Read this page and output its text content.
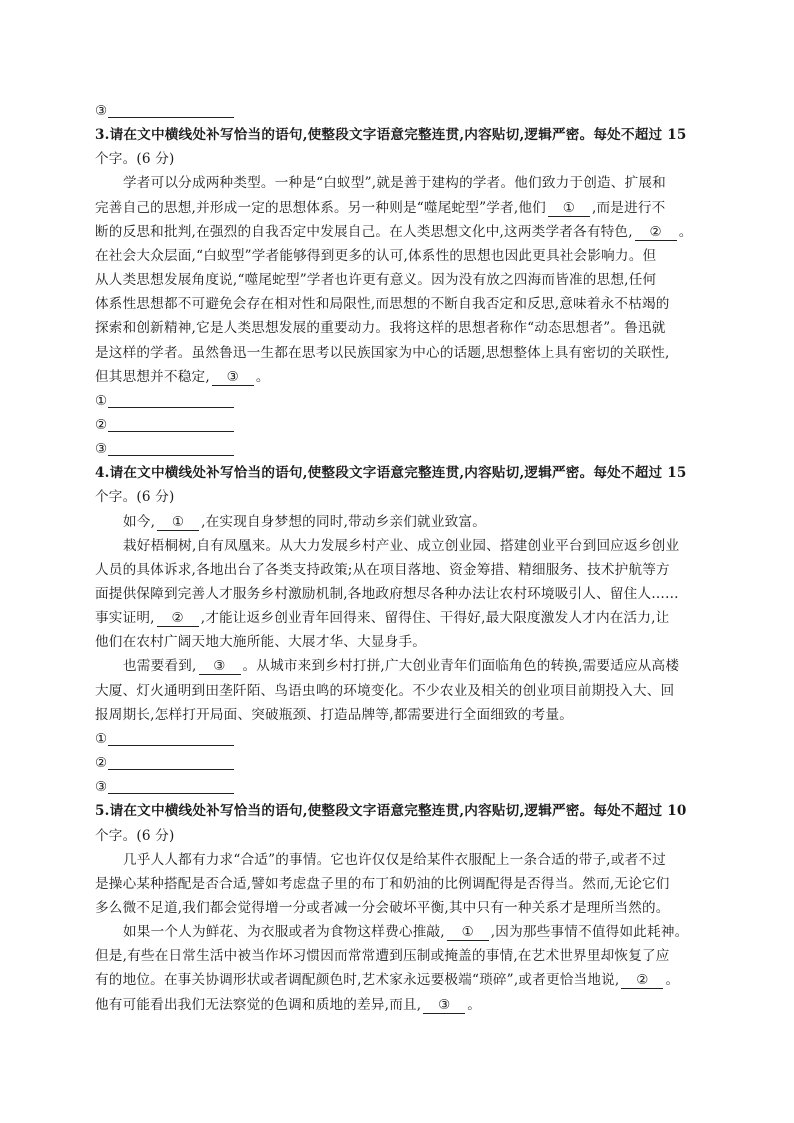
③
3.请在文中横线处补写恰当的语句,使整段文字语意完整连贯,内容贴切,逻辑严密。每处不超过 15
个字。(6 分)
学者可以分成两种类型。一种是“白蚁型”,就是善于建构的学者。他们致力于创造、扩展和
完善自己的思想,并形成一定的思想体系。另一种则是“噬尾蛇型”学者,他们 ① ,而是进行不
断的反思和批判,在强烈的自我否定中发展自己。在人类思想文化中,这两类学者各有特色, ② 。
在社会大众层面,“白蚁型”学者能够得到更多的认可,体系性的思想也因此更具社会影响力。但
从人类思想发展角度说,“噬尾蛇型”学者也许更有意义。因为没有放之四海而皆准的思想,任何
体系性思想都不可避免会存在相对性和局限性,而思想的不断自我否定和反思,意味着永不枯竭的
探索和创新精神,它是人类思想发展的重要动力。我将这样的思想者称作“动态思想者”。鲁迅就
是这样的学者。虽然鲁迅一生都在思考以民族国家为中心的话题,思想整体上具有密切的关联性,
但其思想并不稳定, ③ 。
①
②
③
4.请在文中横线处补写恰当的语句,使整段文字语意完整连贯,内容贴切,逻辑严密。每处不超过 15
个字。(6 分)
如今, ① ,在实现自身梦想的同时,带动乡亲们就业致富。
栽好梧桐树,自有凤凰来。从大力发展乡村产业、成立创业园、搭建创业平台到回应返乡创业
人员的具体诉求,各地出台了各类支持政策;从在项目落地、资金筹措、精细服务、技术护航等方
面提供保障到完善人才服务乡村激励机制,各地政府想尽各种办法让农村环境吸引人、留住人……
事实证明, ② ,才能让返乡创业青年回得来、留得住、干得好,最大限度激发人才内在活力,让
他们在农村广阔天地大施所能、大展才华、大显身手。
也需要看到, ③ 。从城市来到乡村打拼,广大创业青年们面临角色的转换,需要适应从高楼
大厦、灯火通明到田垄阡陌、鸟语虫鸣的环境变化。不少农业及相关的创业项目前期投入大、回
报周期长,怎样打开局面、突破瓶颈、打造品牌等,都需要进行全面细致的考量。
①
②
③
5.请在文中横线处补写恰当的语句,使整段文字语意完整连贯,内容贴切,逻辑严密。每处不超过 10
个字。(6 分)
几乎人人都有力求“合适”的事情。它也许仅仅是给某件衣服配上一条合适的带子,或者不过
是操心某种搭配是否合适,譬如考虑盘子里的布丁和奶油的比例调配得是否得当。然而,无论它们
多么微不足道,我们都会觉得增一分或者减一分会破坏平衡,其中只有一种关系才是理所当然的。
如果一个人为鲜花、为衣服或者为食物这样费心推敲, ① ,因为那些事情不值得如此耗神。
但是,有些在日常生活中被当作坏习惯因而常常遭到压制或掩盖的事情,在艺术世界里却恢复了应
有的地位。在事关协调形状或者调配颜色时,艺术家永远要极端“琐碎”,或者更恰当地说, ② 。
他有可能看出我们无法察觉的色调和质地的差异,而且, ③ 。
